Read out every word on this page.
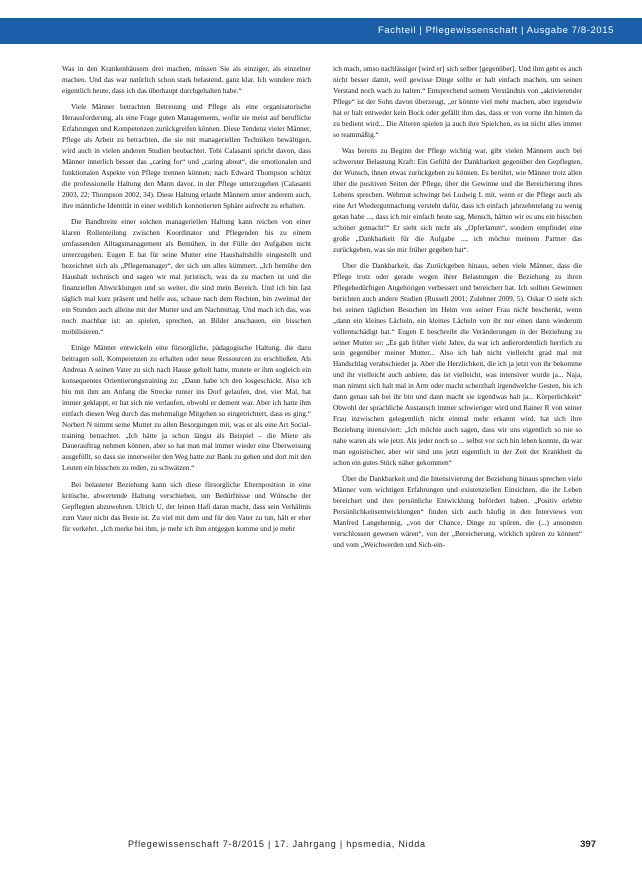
Fachteil | Pflegewissenschaft | Ausgabe 7/8-2015

Was in den Krankenhäusern drei machen, müssen Sie als einziger, als einzelner machen. Und das war natürlich schon stark belastend, ganz klar. Ich wundere mich eigentlich heute, dass ich das überhaupt durchgehalten habe.“

Viele Männer betrachten Betreuung und Pflege als eine organisatorische Herausforderung, als eine Frage guten Managements, wofür sie meist auf berufliche Erfahrungen und Kompetenzen zurückgreifen können. Diese Tendenz vieler Männer, Pflege als Arbeit zu betrachten, die sie mit manageriellen Techniken bewältigen, wird auch in vielen anderen Studien beobachtet. Tobi Calasanti spricht davon, dass Männer innerlich besser das „caring for“ und „caring about“, die emotionalen und funktionalen Aspekte von Pflege trennen können; nach Edward Thompson schützt die professionelle Haltung den Mann davor, in der Pflege unterzugehen (Calasanti 2003, 22; Thompson 2002, 34). Diese Haltung erlaubt Männern unter anderem auch, ihre männliche Identität in einer weiblich konnotierten Sphäre aufrecht zu erhalten.

Die Bandbreite einer solchen manageriellen Haltung kann reichen von einer klaren Rollenteilung zwischen Koordinator und Pflegenden bis zu einem umfassenden Alltagsmanagement als Bemühen, in der Fülle der Aufgaben nicht unterzugehen. Eugen E hat für seine Mutter eine Haushaltshilfe eingestellt und bezeichnet sich als „Pflegemanager“, der sich um alles kümmert. „Ich bemühe den Haushalt technisch und sagen wir mal juristisch, was da zu machen ist und die finanziellen Abwicklungen und so weiter, die sind mein Bereich. Und ich bin fast täglich mal kurz präsent und helfe aus, schaue nach dem Rechten, bin zweimal der ein Stunden auch alleine mit der Mutter und am Nachmittag. Und mach ich das, was noch machbar ist: an spielen, sprechen, an Bilder anschauen, ein bisschen mobilisieren.“

Einige Männer entwickeln eine fürsorgliche, pädagogische Haltung, die dazu beitragen soll, Kompetenzen zu erhalten oder neue Ressourcen zu erschließen. Als Andreas A seinen Vater zu sich nach Hause geholt hatte, mutete er ihm sogleich ein konsequentes Orientierungstraining zu: „Dann habe ich den losgeschickt. Also ich bin mit ihm am Anfang die Strecke runter ins Dorf gelaufen, drei, vier Mal, hat immer geklappt, er hat sich nie verlaufen, obwohl er dement war. Aber ich hatte ihm einfach diesen Weg durch das mehrmalige Mitgehen so eingetrichtert, dass es ging.“ Norbert N nimmt seine Mutter zu allen Besorgungen mit, was er als eine Art Social-training betrachtet. „Ich hätte ja schon längst als Beispiel – die Miete als Dauerauftrag nehmen können, aber so hat man mal immer wieder eine Überweisung ausgefüllt, so dass sie innerweiler den Weg hatte zur Bank zu gehen und dort mit den Leuten ein bisschen zu reden, zu schwätzen.“

Bei belasteter Beziehung kann sich diese fürsorgliche Elternposition in eine kritische, abwertende Haltung verschieben, um Bedürfnisse und Wünsche der Gepflegten abzuwehren. Ulrich U, der leinen Hafi daran macht, dass sein Verhältnis zum Vater nicht das Beste ist. Zu viel mit dem und für den Vater zu tun, hält er eher für verkehrt. „Ich merke bei ihm, je mehr ich ihm entgegen komme und je mehr

ich mach, umso nachlässiger [wird er] sich selber [gegenüber]. Und ihm geht es auch nicht besser damit, weil gewisse Dinge sollte er halt einfach machen, um seinen Verstand noch wach zu halten.“ Entsprechend seinem Verständnis von „aktivierender Pflege“ ist der Sohn davon überzeugt, „er könnte viel mehr machen, aber irgendwie hat er halt entweder kein Bock oder gefällt ihm das, dass er von vorne ihn hinten da zu bedient wird... Die Alteren spielen ja auch ihre Spielchen, es ist nicht alles immer so teammäßig.“

Was bereits zu Beginn der Pflege wichtig war, gibt vielen Männern auch bei schwerster Belastung Kraft: Ein Gefühl der Dankbarkeit gegenüber den Gepflegten, der Wunsch, ihnen etwas zurückgeben zu können. Es berührt, wie Männer trotz allen über die positiven Seiten der Pflege, über die Gewinne und die Bereicherung ihres Lebens sprechen. Wehmut schwingt bei Ludwig L mit, wenn er die Pflege auch als eine Art Wiedergutmachung versteht dafür, dass ich einfach jahrzehntelang zu wenig getan habe ..., dass ich mir einfach heute sag, Mensch, hätten wir es uns ein bisschen schöner gemacht!“ Er sieht sich nicht als „Opferlamm“, sondern empfindet eine große „Dankbarkeit für die Aufgabe ..., ich möchte meinem Partner das zurückgeben, was sie mir früher gegeben hat“.

Über die Dankbarkeit, das Zurückgeben hinaus, sehen viele Männer, dass die Pflege trotz oder gerade wegen ihrer Belastungen die Beziehung zu ihren Pflegebedürftigen Angehörigen verbessert und bereichert hat. Ich sollten Gewinnen berichten auch andere Studien (Russell 2001; Zulehner 2009, 5). Oskar O sieht sich bei seinen täglichen Besuchen im Heim von seiner Frau nicht beschenkt, wenn „dann ein kleines Lächeln, ein kleines Lächeln von ihr nur einen dann wiederum vollentschädigt hat.“ Eugen E beschreibt die Veränderungen in der Beziehung zu seiner Mutter so: „Es gab früher viele Jahre, da war ich außerordentlich herrlich zu sein gegenüber meiner Mutter... Also ich hab nicht vielleicht grad mal mit Handschlag verabschiedet ja. Aber die Herzlichkeit, die ich ja jetzt von ihr bekomme und ihr vielleicht auch anbiete, das ist vielleicht, was intensiver wurde ja... Naja, man nimmt sich halt mal in Arm oder macht scherzhaft irgendwelche Gesten, bis ich dann genau sah bei ihr bin und dann macht sie irgendwas halt ja... Körperlichkeit“ Obwohl der sprachliche Austausch immer schwieriger wird und Rainer R von seiner Frau inzwischen gelegentlich nicht einmal mehr erkannt wird, hat sich ihre Beziehung intensiviert: „Ich möchte auch sagen, dass wir uns eigentlich so nie so nahe waren als wie jetzt. Als jeder noch so ... selbst vor sich hin leben konnte, da war man egoistischer, aber wir sind uns jetzt eigentlich in der Zeit der Krankheit da schon ein gutes Stück näher gekommen“

Über die Dankbarkeit und die Intensivierung der Beziehung hinaus sprechen viele Männer vom wichtigen Erfahrungen und existenziellen Einsichten, die ihr Leben bereichert und ihre persönliche Entwicklung befördert haben. „Positiv erlebte Persönlichkeitsentwicklungen“ finden sich auch häufig in den Interviews von Manfred Langehennig, „von der Chance, Dinge zu spüren, die (...) ansonsten verschlossen gewesen wären“, von der „Bereicherung, wirklich spüren zu können“ und vom „Weichwerden und Sich-ein-

Pflegewissenschaft 7-8/2015 | 17. Jahrgang | hpsmedia, Nidda	397
